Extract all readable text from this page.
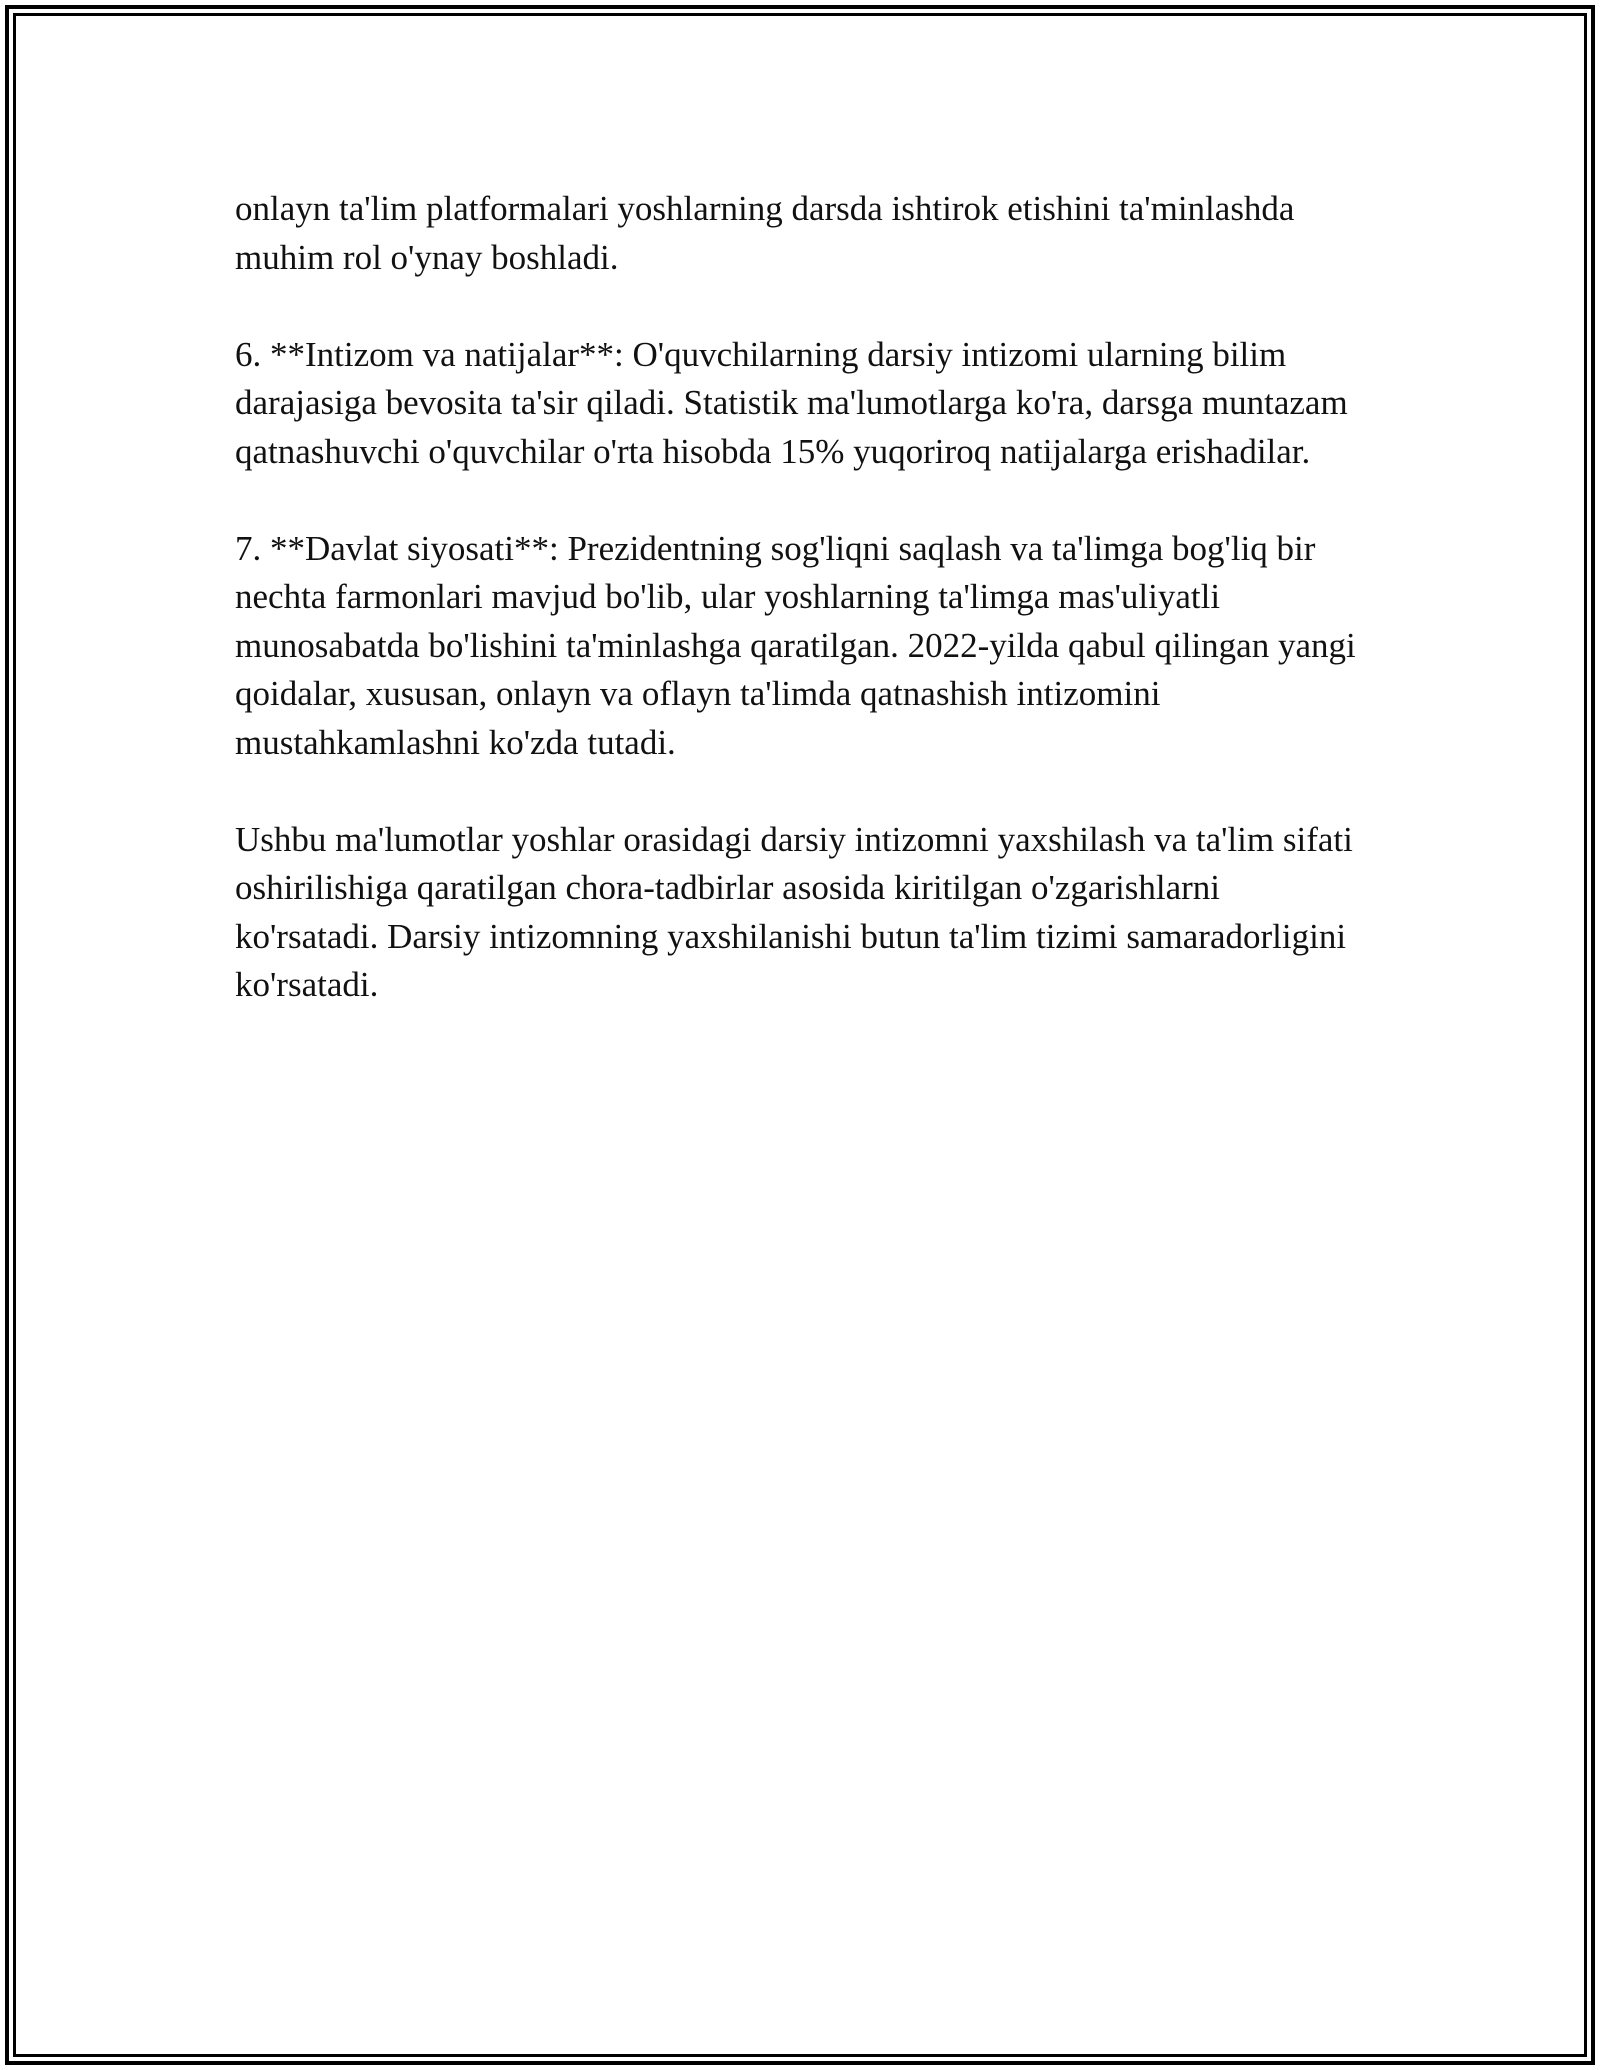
onlayn ta'lim platformalari yoshlarning darsda ishtirok etishini ta'minlashda muhim rol o'ynay boshladi.

6. **Intizom va natijalar**: O'quvchilarning darsiy intizomi ularning bilim darajasiga bevosita ta'sir qiladi. Statistik ma'lumotlarga ko'ra, darsga muntazam qatnashuvchi o'quvchilar o'rta hisobda 15% yuqoriroq natijalarga erishadilar.

7. **Davlat siyosati**: Prezidentning sog'liqni saqlash va ta'limga bog'liq bir nechta farmonlari mavjud bo'lib, ular yoshlarning ta'limga mas'uliyatli munosabatda bo'lishini ta'minlashga qaratilgan. 2022-yilda qabul qilingan yangi qoidalar, xususan, onlayn va oflayn ta'limda qatnashish intizomini mustahkamlashni ko'zda tutadi.

Ushbu ma'lumotlar yoshlar orasidagi darsiy intizomni yaxshilash va ta'lim sifati oshirilishiga qaratilgan chora-tadbirlar asosida kiritilgan o'zgarishlarni ko'rsatadi. Darsiy intizomning yaxshilanishi butun ta'lim tizimi samaradorligini ko'rsatadi.
